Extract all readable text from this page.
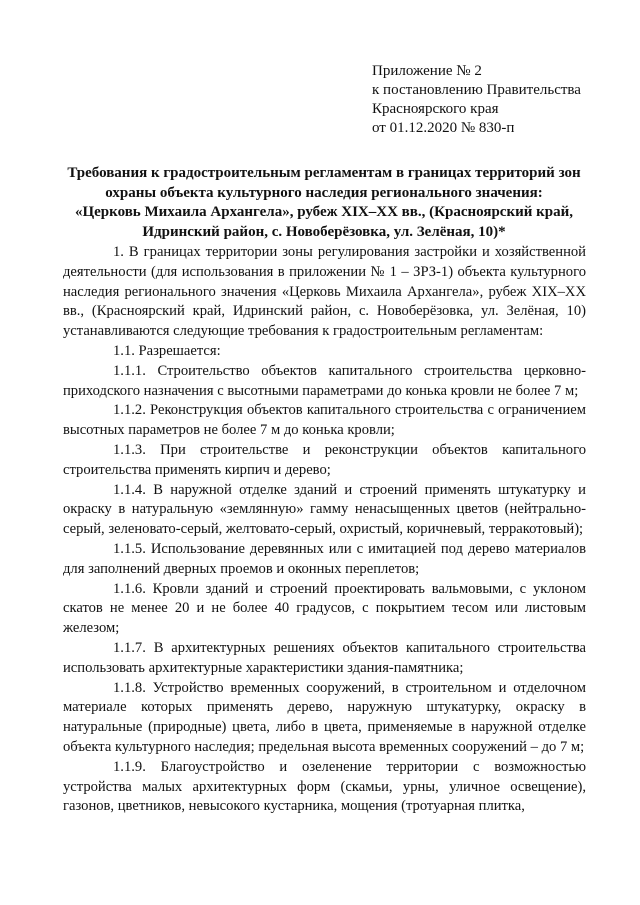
Приложение № 2
к постановлению Правительства
Красноярского края
от 01.12.2020 № 830-п
Требования к градостроительным регламентам в границах территорий зон
охраны объекта культурного наследия регионального значения:
«Церковь Михаила Архангела», рубеж XIX–XX вв., (Красноярский край,
Идринский район, с. Новоберёзовка, ул. Зелёная, 10)*

1. В границах территории зоны регулирования застройки и хозяйственной деятельности (для использования в приложении № 1 – ЗРЗ-1) объекта культурного наследия регионального значения «Церковь Михаила Архангела», рубеж XIX–XX вв., (Красноярский край, Идринский район, с. Новоберёзовка, ул. Зелёная, 10) устанавливаются следующие требования к градостроительным регламентам:

1.1. Разрешается:

1.1.1. Строительство объектов капитального строительства церковно-приходского назначения с высотными параметрами до конька кровли не более 7 м;

1.1.2. Реконструкция объектов капитального строительства с ограничением высотных параметров не более 7 м до конька кровли;

1.1.3. При строительстве и реконструкции объектов капитального строительства применять кирпич и дерево;

1.1.4. В наружной отделке зданий и строений применять штукатурку и окраску в натуральную «землянную» гамму ненасыщенных цветов (нейтрально-серый, зеленовато-серый, желтовато-серый, охристый, коричневый, терракотовый);

1.1.5. Использование деревянных или с имитацией под дерево материалов для заполнений дверных проемов и оконных переплетов;

1.1.6. Кровли зданий и строений проектировать вальмовыми, с уклоном скатов не менее 20 и не более 40 градусов, с покрытием тесом или листовым железом;

1.1.7. В архитектурных решениях объектов капитального строительства использовать архитектурные характеристики здания-памятника;

1.1.8. Устройство временных сооружений, в строительном и отделочном материале которых применять дерево, наружную штукатурку, окраску в натуральные (природные) цвета, либо в цвета, применяемые в наружной отделке объекта культурного наследия; предельная высота временных сооружений – до 7 м;

1.1.9. Благоустройство и озеленение территории с возможностью устройства малых архитектурных форм (скамьи, урны, уличное освещение), газонов, цветников, невысокого кустарника, мощения (тротуарная плитка,
